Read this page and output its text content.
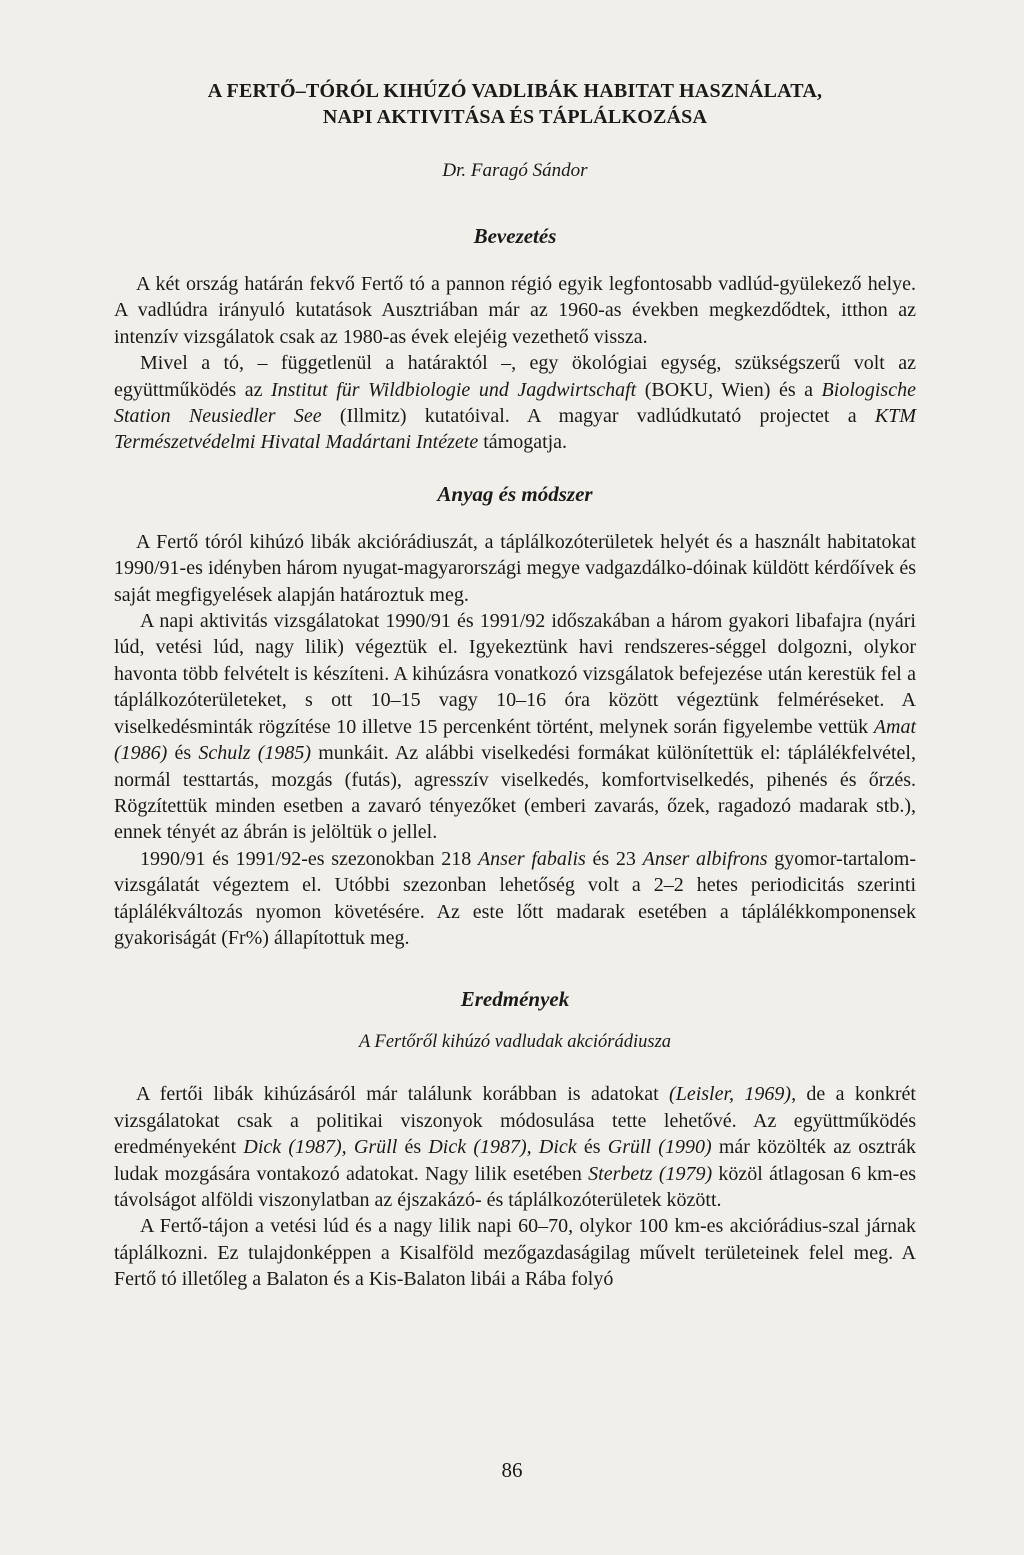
A FERTŐ–TÓRÓL KIHÚZÓ VADLIBÁK HABITAT HASZNÁLATA,
NAPI AKTIVITÁSA ÉS TÁPLÁLKOZÁSA
Dr. Faragó Sándor
Bevezetés

A két ország határán fekvő Fertő tó a pannon régió egyik legfontosabb vadlúd-gyülekező helye. A vadlúdra irányuló kutatások Ausztriában már az 1960-as években megkezdődtek, itthon az intenzív vizsgálatok csak az 1980-as évek elejéig vezethető vissza.

Mivel a tó, – függetlenül a határaktól –, egy ökológiai egység, szükségszerű volt az együttműködés az Institut für Wildbiologie und Jagdwirtschaft (BOKU, Wien) és a Biologische Station Neusiedler See (Illmitz) kutatóival. A magyar vadlúdkutató projectet a KTM Természetvédelmi Hivatal Madártani Intézete támogatja.

Anyag és módszer

A Fertő tóról kihúzó libák akciórádiuszát, a táplálkozóterületek helyét és a használt habitatokat 1990/91-es idényben három nyugat-magyarországi megye vadgazdálko-dóinak küldött kérdőívek és saját megfigyelések alapján határoztuk meg.

A napi aktivitás vizsgálatokat 1990/91 és 1991/92 időszakában a három gyakori libafajra (nyári lúd, vetési lúd, nagy lilik) végeztük el. Igyekeztünk havi rendszeres-séggel dolgozni, olykor havonta több felvételt is készíteni. A kihúzásra vonatkozó vizsgálatok befejezése után kerestük fel a táplálkozóterületeket, s ott 10–15 vagy 10–16 óra között végeztünk felméréseket. A viselkedésminták rögzítése 10 illetve 15 percenként történt, melynek során figyelembe vettük Amat (1986) és Schulz (1985) munkáit. Az alábbi viselkedési formákat különítettük el: táplálékfelvétel, normál testtartás, mozgás (futás), agresszív viselkedés, komfortviselkedés, pihenés és őrzés. Rögzítettük minden esetben a zavaró tényezőket (emberi zavarás, őzek, ragadozó madarak stb.), ennek tényét az ábrán is jelöltük o jellel.

1990/91 és 1991/92-es szezonokban 218 Anser fabalis és 23 Anser albifrons gyomor-tartalom-vizsgálatát végeztem el. Utóbbi szezonban lehetőség volt a 2–2 hetes periodicitás szerinti táplálékváltozás nyomon követésére. Az este lőtt madarak esetében a táplálékkomponensek gyakoriságát (Fr%) állapítottuk meg.

Eredmények
A Fertőről kihúzó vadludak akciórádiusza

A fertői libák kihúzásáról már találunk korábban is adatokat (Leisler, 1969), de a konkrét vizsgálatokat csak a politikai viszonyok módosulása tette lehetővé. Az együttműködés eredményeként Dick (1987), Grüll és Dick (1987), Dick és Grüll (1990) már közölték az osztrák ludak mozgására vontakozó adatokat. Nagy lilik esetében Sterbetz (1979) közöl átlagosan 6 km-es távolságot alföldi viszonylatban az éjszakázó- és táplálkozóterületek között.

A Fertő-tájon a vetési lúd és a nagy lilik napi 60–70, olykor 100 km-es akciórádius-szal járnak táplálkozni. Ez tulajdonképpen a Kisalföld mezőgazdaságilag művelt területeinek felel meg. A Fertő tó illetőleg a Balaton és a Kis-Balaton libái a Rába folyó

86
